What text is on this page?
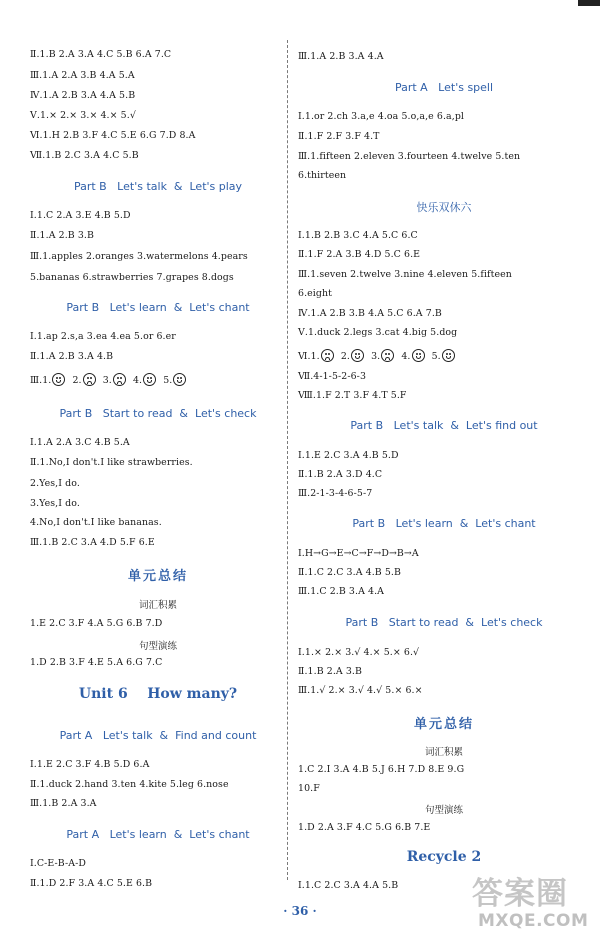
Ⅱ.1.B 2.A 3.A 4.C 5.B 6.A 7.C
Ⅲ.1.A 2.A 3.B 4.A 5.A
Ⅳ.1.A 2.B 3.A 4.A 5.B
Ⅴ.1.× 2.× 3.× 4.× 5.√
Ⅵ.1.H 2.B 3.F 4.C 5.E 6.G 7.D 8.A
Ⅶ.1.B 2.C 3.A 4.C 5.B
Part B   Let's talk  &  Let's play
Ⅰ.1.C 2.A 3.E 4.B 5.D
Ⅱ.1.A 2.B 3.B
Ⅲ.1.apples 2.oranges 3.watermelons 4.pears
5.bananas 6.strawberries 7.grapes 8.dogs
Part B   Let's learn  &  Let's chant
Ⅰ.1.ap 2.s,a 3.ea 4.ea 5.or 6.er
Ⅱ.1.A 2.B 3.A 4.B
Ⅲ.1. 2. 3. 4. 5.
Part B   Start to read  &  Let's check
Ⅰ.1.A 2.A 3.C 4.B 5.A
Ⅱ.1.No,I don't.I like strawberries.
2.Yes,I do.
3.Yes,I do.
4.No,I don't.I like bananas.
Ⅲ.1.B 2.C 3.A 4.D 5.F 6.E
单元总结
词汇积累
1.E 2.C 3.F 4.A 5.G 6.B 7.D
句型演练
1.D 2.B 3.F 4.E 5.A 6.G 7.C
Unit 6    How many?
Part A   Let's talk  &  Find and count
Ⅰ.1.E 2.C 3.F 4.B 5.D 6.A
Ⅱ.1.duck 2.hand 3.ten 4.kite 5.leg 6.nose
Ⅲ.1.B 2.A 3.A
Part A   Let's learn  &  Let's chant
Ⅰ.C-E-B-A-D
Ⅱ.1.D 2.F 3.A 4.C 5.E 6.B
Ⅲ.1.A 2.B 3.A 4.A
Part A   Let's spell
Ⅰ.1.or 2.ch 3.a,e 4.oa 5.o,a,e 6.a,pl
Ⅱ.1.F 2.F 3.F 4.T
Ⅲ.1.fifteen 2.eleven 3.fourteen 4.twelve 5.ten
6.thirteen
快乐双休六
Ⅰ.1.B 2.B 3.C 4.A 5.C 6.C
Ⅱ.1.F 2.A 3.B 4.D 5.C 6.E
Ⅲ.1.seven 2.twelve 3.nine 4.eleven 5.fifteen
6.eight
Ⅳ.1.A 2.B 3.B 4.A 5.C 6.A 7.B
Ⅴ.1.duck 2.legs 3.cat 4.big 5.dog
Ⅵ.1. 2. 3. 4. 5.
Ⅶ.4-1-5-2-6-3
Ⅷ.1.F 2.T 3.F 4.T 5.F
Part B   Let's talk  &  Let's find out
Ⅰ.1.E 2.C 3.A 4.B 5.D
Ⅱ.1.B 2.A 3.D 4.C
Ⅲ.2-1-3-4-6-5-7
Part B   Let's learn  &  Let's chant
Ⅰ.H→G→E→C→F→D→B→A
Ⅱ.1.C 2.C 3.A 4.B 5.B
Ⅲ.1.C 2.B 3.A 4.A
Part B   Start to read  &  Let's check
Ⅰ.1.× 2.× 3.√ 4.× 5.× 6.√
Ⅱ.1.B 2.A 3.B
Ⅲ.1.√ 2.× 3.√ 4.√ 5.× 6.×
单元总结
词汇积累
1.C 2.I 3.A 4.B 5.J 6.H 7.D 8.E 9.G
10.F
句型演练
1.D 2.A 3.F 4.C 5.G 6.B 7.E
Recycle 2
Ⅰ.1.C 2.C 3.A 4.A 5.B
· 36 ·	答案圈
MXQE.COM
